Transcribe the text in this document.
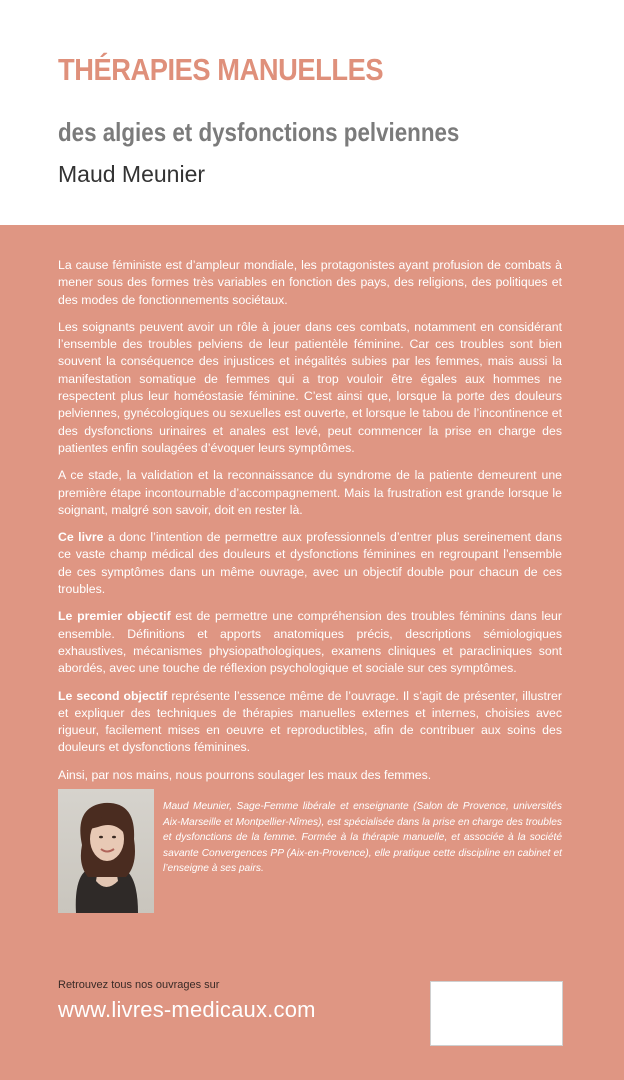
THÉRAPIES MANUELLES
des algies et dysfonctions pelviennes
Maud Meunier

La cause féministe est d’ampleur mondiale, les protagonistes ayant profusion de combats à mener sous des formes très variables en fonction des pays, des religions, des politiques et des modes de fonctionnements sociétaux.

Les soignants peuvent avoir un rôle à jouer dans ces combats, notamment en considérant l’ensemble des troubles pelviens de leur patientèle féminine. Car ces troubles sont bien souvent la conséquence des injustices et inégalités subies par les femmes, mais aussi la manifestation somatique de femmes qui a trop vouloir être égales aux hommes ne respectent plus leur homéostasie féminine. C’est ainsi que, lorsque la porte des douleurs pelviennes, gynécologiques ou sexuelles est ouverte, et lorsque le tabou de l’incontinence et des dysfonctions urinaires et anales est levé, peut commencer la prise en charge des patientes enfin soulagées d’évoquer leurs symptômes.

A ce stade, la validation et la reconnaissance du syndrome de la patiente demeurent une première étape incontournable d’accompagnement. Mais la frustration est grande lorsque le soignant, malgré son savoir, doit en rester là.

Ce livre a donc l’intention de permettre aux professionnels d’entrer plus sereinement dans ce vaste champ médical des douleurs et dysfonctions féminines en regroupant l’ensemble de ces symptômes dans un même ouvrage, avec un objectif double pour chacun de ces troubles.

Le premier objectif est de permettre une compréhension des troubles féminins dans leur ensemble. Définitions et apports anatomiques précis, descriptions sémiologiques exhaustives, mécanismes physiopathologiques, examens cliniques et paracliniques sont abordés, avec une touche de réflexion psychologique et sociale sur ces symptômes.

Le second objectif représente l’essence même de l’ouvrage. Il s’agit de présenter, illustrer et expliquer des techniques de thérapies manuelles externes et internes, choisies avec rigueur, facilement mises en oeuvre et reproductibles, afin de contribuer aux soins des douleurs et dysfonctions féminines.

Ainsi, par nos mains, nous pourrons soulager les maux des femmes.

Maud Meunier, Sage-Femme libérale et enseignante (Salon de Provence, universités Aix-Marseille et Montpellier-Nîmes), est spécialisée dans la prise en charge des troubles et dysfonctions de la femme. Formée à la thérapie manuelle, et associée à la société savante Convergences PP (Aix-en-Provence), elle pratique cette discipline en cabinet et l’enseigne à ses pairs.
Retrouvez tous nos ouvrages sur
www.livres-medicaux.com
